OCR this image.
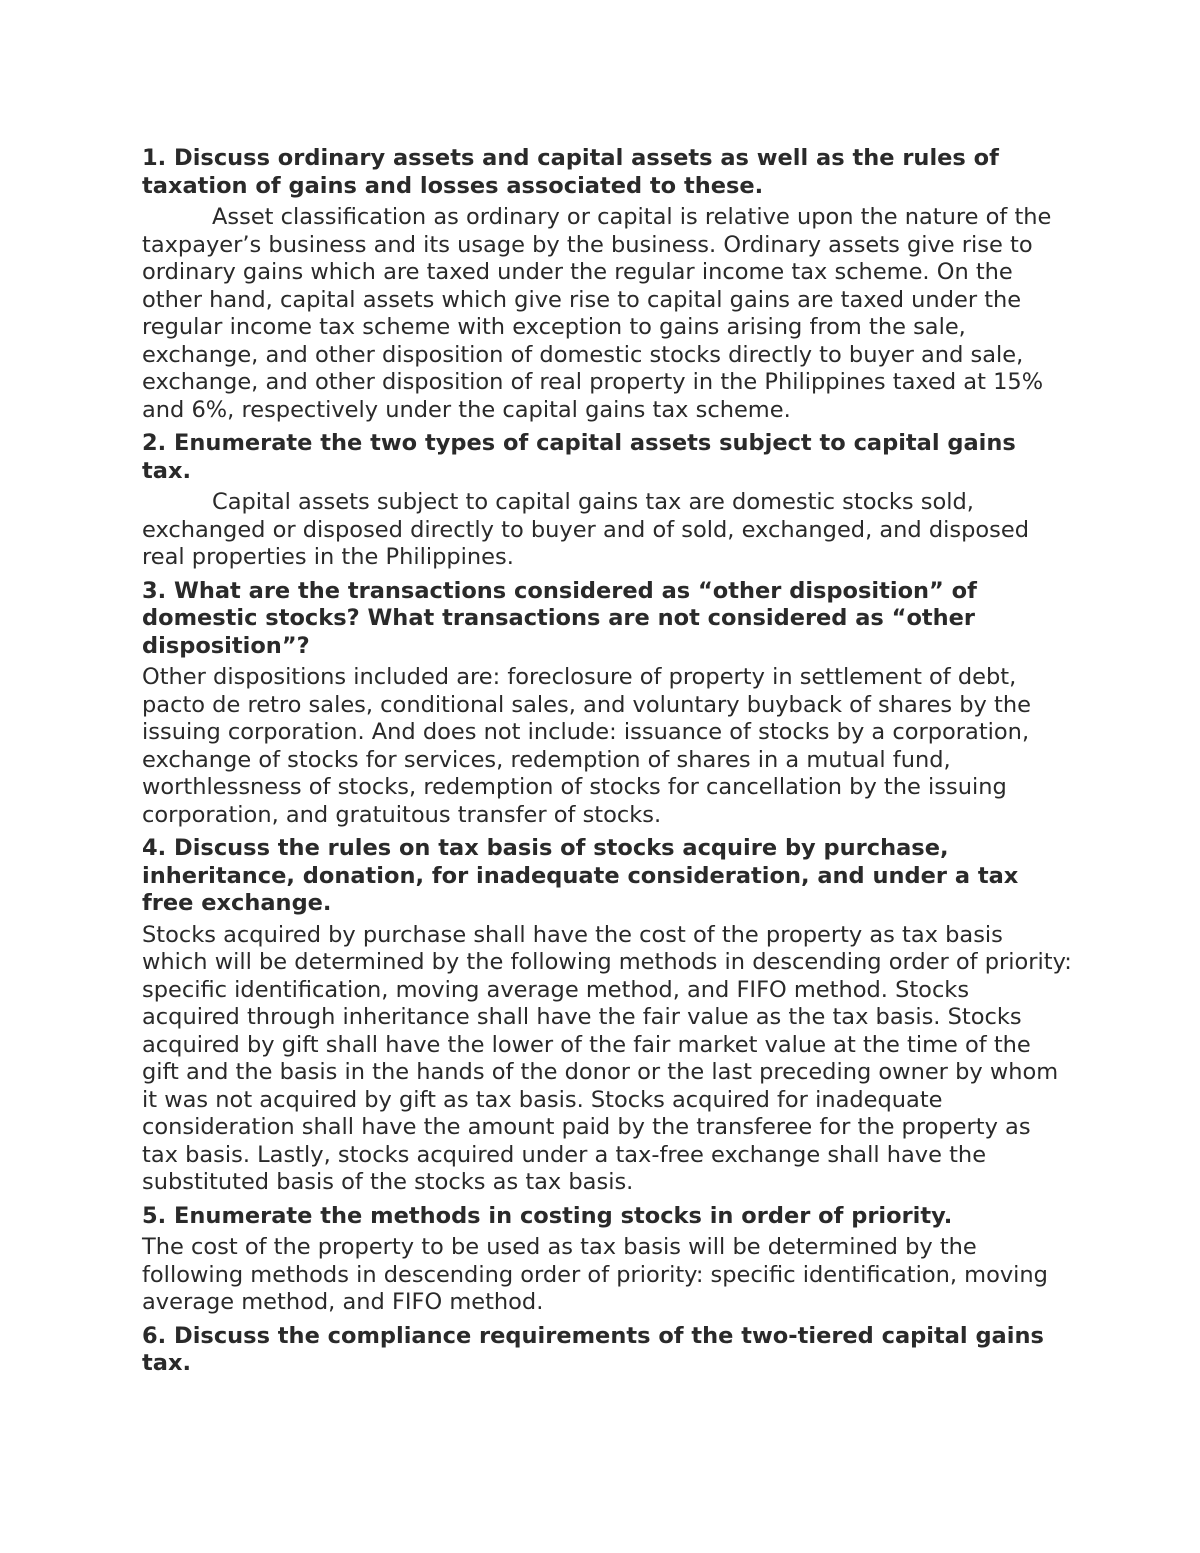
1. Discuss ordinary assets and capital assets as well as the rules of taxation of gains and losses associated to these.

Asset classification as ordinary or capital is relative upon the nature of the taxpayer’s business and its usage by the business. Ordinary assets give rise to ordinary gains which are taxed under the regular income tax scheme. On the other hand, capital assets which give rise to capital gains are taxed under the regular income tax scheme with exception to gains arising from the sale, exchange, and other disposition of domestic stocks directly to buyer and sale, exchange, and other disposition of real property in the Philippines taxed at 15% and 6%, respectively under the capital gains tax scheme.

2. Enumerate the two types of capital assets subject to capital gains tax.

Capital assets subject to capital gains tax are domestic stocks sold, exchanged or disposed directly to buyer and of sold, exchanged, and disposed real properties in the Philippines.

3. What are the transactions considered as “other disposition” of domestic stocks? What transactions are not considered as “other disposition”?

Other dispositions included are: foreclosure of property in settlement of debt, pacto de retro sales, conditional sales, and voluntary buyback of shares by the issuing corporation. And does not include: issuance of stocks by a corporation, exchange of stocks for services, redemption of shares in a mutual fund, worthlessness of stocks, redemption of stocks for cancellation by the issuing corporation, and gratuitous transfer of stocks.

4. Discuss the rules on tax basis of stocks acquire by purchase, inheritance, donation, for inadequate consideration, and under a tax free exchange.

Stocks acquired by purchase shall have the cost of the property as tax basis which will be determined by the following methods in descending order of priority: specific identification, moving average method, and FIFO method. Stocks acquired through inheritance shall have the fair value as the tax basis. Stocks acquired by gift shall have the lower of the fair market value at the time of the gift and the basis in the hands of the donor or the last preceding owner by whom it was not acquired by gift as tax basis. Stocks acquired for inadequate consideration shall have the amount paid by the transferee for the property as tax basis. Lastly, stocks acquired under a tax-free exchange shall have the substituted basis of the stocks as tax basis.

5. Enumerate the methods in costing stocks in order of priority.

The cost of the property to be used as tax basis will be determined by the following methods in descending order of priority: specific identification, moving average method, and FIFO method.

6. Discuss the compliance requirements of the two-tiered capital gains tax.
